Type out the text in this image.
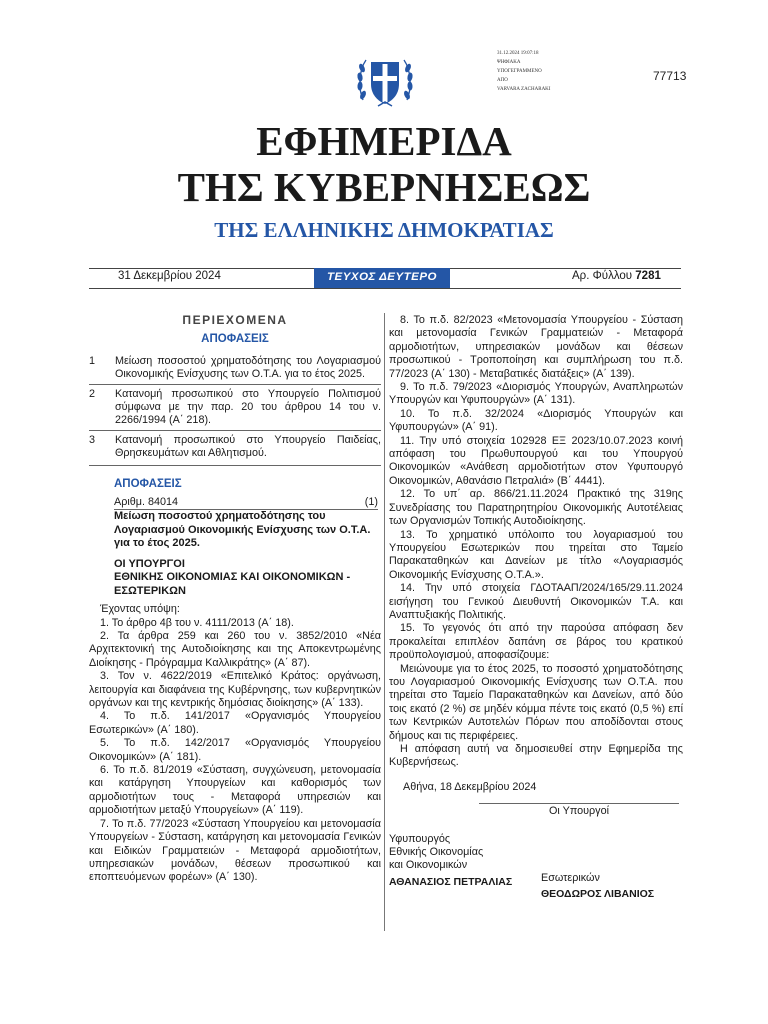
31.12.2024 19:07:18
ΨΗΦΙΑΚΑ
ΥΠΟΓΕΓΡΑΜΜΕΝΟ
ΑΠΟ
VARVARA ZACHARAKI
77713
ΕΦΗΜΕΡΙΔΑ
ΤΗΣ ΚΥΒΕΡΝΗΣΕΩΣ
ΤΗΣ ΕΛΛΗΝΙΚΗΣ ΔΗΜΟΚΡΑΤΙΑΣ
31 Δεκεμβρίου 2024	ΤΕΥΧΟΣ ΔΕΥΤΕΡΟ	Αρ. Φύλλου 7281
ΠΕΡΙΕΧΟΜΕΝΑ
ΑΠΟΦΑΣΕΙΣ
1	Μείωση ποσοστού χρηματοδότησης του Λογαριασμού Οικονομικής Ενίσχυσης των Ο.Τ.Α. για το έτος 2025.
2	Κατανομή προσωπικού στο Υπουργείο Πολιτισμού σύμφωνα με την παρ. 20 του άρθρου 14 του ν. 2266/1994 (A΄ 218).
3	Κατανομή προσωπικού στο Υπουργείο Παιδείας, Θρησκευμάτων και Αθλητισμού.
ΑΠΟΦΑΣΕΙΣ
Αριθμ. 84014	(1)
Μείωση ποσοστού χρηματοδότησης του Λογαριασμού Οικονομικής Ενίσχυσης των Ο.Τ.Α. για το έτος 2025.
ΟΙ ΥΠΟΥΡΓΟΙ
ΕΘΝΙΚΗΣ ΟΙΚΟΝΟΜΙΑΣ ΚΑΙ ΟΙΚΟΝΟΜΙΚΩΝ -
ΕΣΩΤΕΡΙΚΩΝ

Έχοντας υπόψη:

1. Το άρθρο 4β του ν. 4111/2013 (Α΄ 18).

2. Τα άρθρα 259 και 260 του ν. 3852/2010 «Νέα Αρχιτεκτονική της Αυτοδιοίκησης και της Αποκεντρωμένης Διοίκησης - Πρόγραμμα Καλλικράτης» (Α΄ 87).

3. Τον ν. 4622/2019 «Επιτελικό Κράτος: οργάνωση, λειτουργία και διαφάνεια της Κυβέρνησης, των κυβερνητικών οργάνων και της κεντρικής δημόσιας διοίκησης» (Α΄ 133).

4. Το π.δ. 141/2017 «Οργανισμός Υπουργείου Εσωτερικών» (Α΄ 180).

5. Το π.δ. 142/2017 «Οργανισμός Υπουργείου Οικονομικών» (Α΄ 181).

6. Το π.δ. 81/2019 «Σύσταση, συγχώνευση, μετονομασία και κατάργηση Υπουργείων και καθορισμός των αρμοδιοτήτων τους - Μεταφορά υπηρεσιών και αρμοδιοτήτων μεταξύ Υπουργείων» (Α΄ 119).

7. Το π.δ. 77/2023 «Σύσταση Υπουργείου και μετονομασία Υπουργείων - Σύσταση, κατάργηση και μετονομασία Γενικών και Ειδικών Γραμματειών - Μεταφορά αρμοδιοτήτων, υπηρεσιακών μονάδων, θέσεων προσωπικού και εποπτευόμενων φορέων» (Α΄ 130).

8. Το π.δ. 82/2023 «Μετονομασία Υπουργείου - Σύσταση και μετονομασία Γενικών Γραμματειών - Μεταφορά αρμοδιοτήτων, υπηρεσιακών μονάδων και θέσεων προσωπικού - Τροποποίηση και συμπλήρωση του π.δ. 77/2023 (Α΄ 130) - Μεταβατικές διατάξεις» (Α΄ 139).

9. Το π.δ. 79/2023 «Διορισμός Υπουργών, Αναπληρωτών Υπουργών και Υφυπουργών» (Α΄ 131).

10. Το π.δ. 32/2024 «Διορισμός Υπουργών και Υφυπουργών» (Α΄ 91).

11. Την υπό στοιχεία 102928 ΕΞ 2023/10.07.2023 κοινή απόφαση του Πρωθυπουργού και του Υπουργού Οικονομικών «Ανάθεση αρμοδιοτήτων στον Υφυπουργό Οικονομικών, Αθανάσιο Πετραλιά» (Β΄ 4441).

12. Το υπ΄ αρ. 866/21.11.2024 Πρακτικό της 319ης Συνεδρίασης του Παρατηρητηρίου Οικονομικής Αυτοτέλειας των Οργανισμών Τοπικής Αυτοδιοίκησης.

13. Το χρηματικό υπόλοιπο του λογαριασμού του Υπουργείου Εσωτερικών που τηρείται στο Ταμείο Παρακαταθηκών και Δανείων με τίτλο «Λογαριασμός Οικονομικής Ενίσχυσης Ο.Τ.Α.».

14. Την υπό στοιχεία ΓΔΟΤΑΑΠ/2024/165/29.11.2024 εισήγηση του Γενικού Διευθυντή Οικονομικών Τ.Α. και Αναπτυξιακής Πολιτικής.

15. Το γεγονός ότι από την παρούσα απόφαση δεν προκαλείται επιπλέον δαπάνη σε βάρος του κρατικού προϋπολογισμού, αποφασίζουμε:

Μειώνουμε για το έτος 2025, το ποσοστό χρηματοδότησης του Λογαριασμού Οικονομικής Ενίσχυσης των Ο.Τ.Α. που τηρείται στο Ταμείο Παρακαταθηκών και Δανείων, από δύο τοις εκατό (2 %) σε μηδέν κόμμα πέντε τοις εκατό (0,5 %) επί των Κεντρικών Αυτοτελών Πόρων που αποδίδονται στους δήμους και τις περιφέρειες.

Η απόφαση αυτή να δημοσιευθεί στην Εφημερίδα της Κυβερνήσεως.

Αθήνα, 18 Δεκεμβρίου 2024
Οι Υπουργοί
Υφυπουργός
Εθνικής Οικονομίας
και Οικονομικών
ΑΘΑΝΑΣΙΟΣ ΠΕΤΡΑΛΙΑΣ	Εσωτερικών
ΘΕΟΔΩΡΟΣ ΛΙΒΑΝΙΟΣ
